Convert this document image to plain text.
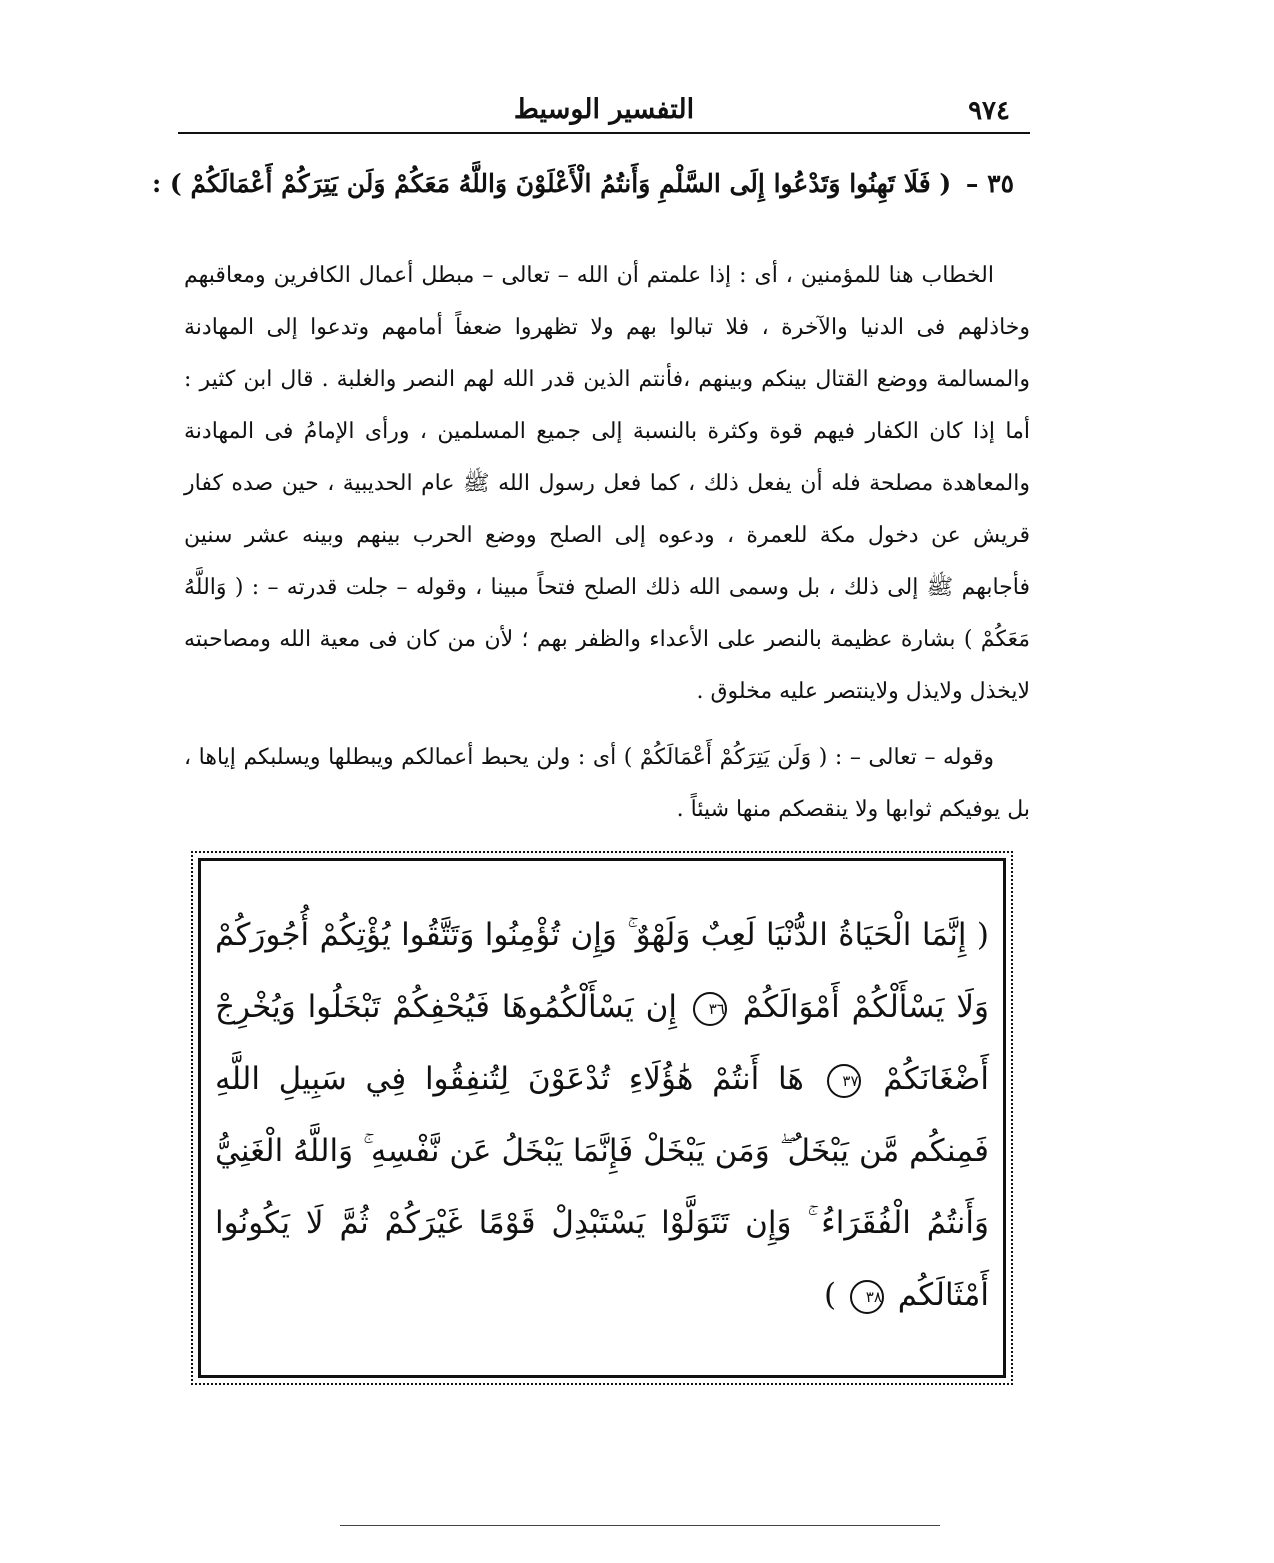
٩٧٤
التفسير الوسيط
٣٥ – ( فَلَا تَهِنُوا وَتَدْعُوا إِلَى السَّلْمِ وَأَنتُمُ الْأَعْلَوْنَ وَاللَّهُ مَعَكُمْ وَلَن يَتِرَكُمْ أَعْمَالَكُمْ ) :

الخطاب هنا للمؤمنين ، أى : إذا علمتم أن الله – تعالى – مبطل أعمال الكافرين ومعاقبهم وخاذلهم فى الدنيا والآخرة ، فلا تبالوا بهم ولا تظهروا ضعفاً أمامهم وتدعوا إلى المهادنة والمسالمة ووضع القتال بينكم وبينهم ،فأنتم الذين قدر الله لهم النصر والغلبة . قال ابن كثير : أما إذا كان الكفار فيهم قوة وكثرة بالنسبة إلى جميع المسلمين ، ورأى الإمامُ فى المهادنة والمعاهدة مصلحة فله أن يفعل ذلك ، كما فعل رسول الله ﷺ عام الحديبية ، حين صده كفار قريش عن دخول مكة للعمرة ، ودعوه إلى الصلح ووضع الحرب بينهم وبينه عشر سنين فأجابهم ﷺ إلى ذلك ، بل وسمى الله ذلك الصلح فتحاً مبينا ، وقوله – جلت قدرته – : ( وَاللَّهُ مَعَكُمْ ) بشارة عظيمة بالنصر على الأعداء والظفر بهم ؛ لأن من كان فى معية الله ومصاحبته لايخذل ولايذل ولاينتصر عليه مخلوق .

وقوله – تعالى – : ( وَلَن يَتِرَكُمْ أَعْمَالَكُمْ ) أى : ولن يحبط أعمالكم ويبطلها ويسلبكم إياها ، بل يوفيكم ثوابها ولا ينقصكم منها شيئاً .

( إِنَّمَا الْحَيَاةُ الدُّنْيَا لَعِبٌ وَلَهْوٌ ۚ وَإِن تُؤْمِنُوا وَتَتَّقُوا يُؤْتِكُمْ أُجُورَكُمْ وَلَا يَسْأَلْكُمْ أَمْوَالَكُمْ ٣٦ إِن يَسْأَلْكُمُوهَا فَيُحْفِكُمْ تَبْخَلُوا وَيُخْرِجْ أَضْغَانَكُمْ ٣٧ هَا أَنتُمْ هَٰؤُلَاءِ تُدْعَوْنَ لِتُنفِقُوا فِي سَبِيلِ اللَّهِ فَمِنكُم مَّن يَبْخَلُ ۖ وَمَن يَبْخَلْ فَإِنَّمَا يَبْخَلُ عَن نَّفْسِهِ ۚ وَاللَّهُ الْغَنِيُّ وَأَنتُمُ الْفُقَرَاءُ ۚ وَإِن تَتَوَلَّوْا يَسْتَبْدِلْ قَوْمًا غَيْرَكُمْ ثُمَّ لَا يَكُونُوا أَمْثَالَكُم ٣٨ )
